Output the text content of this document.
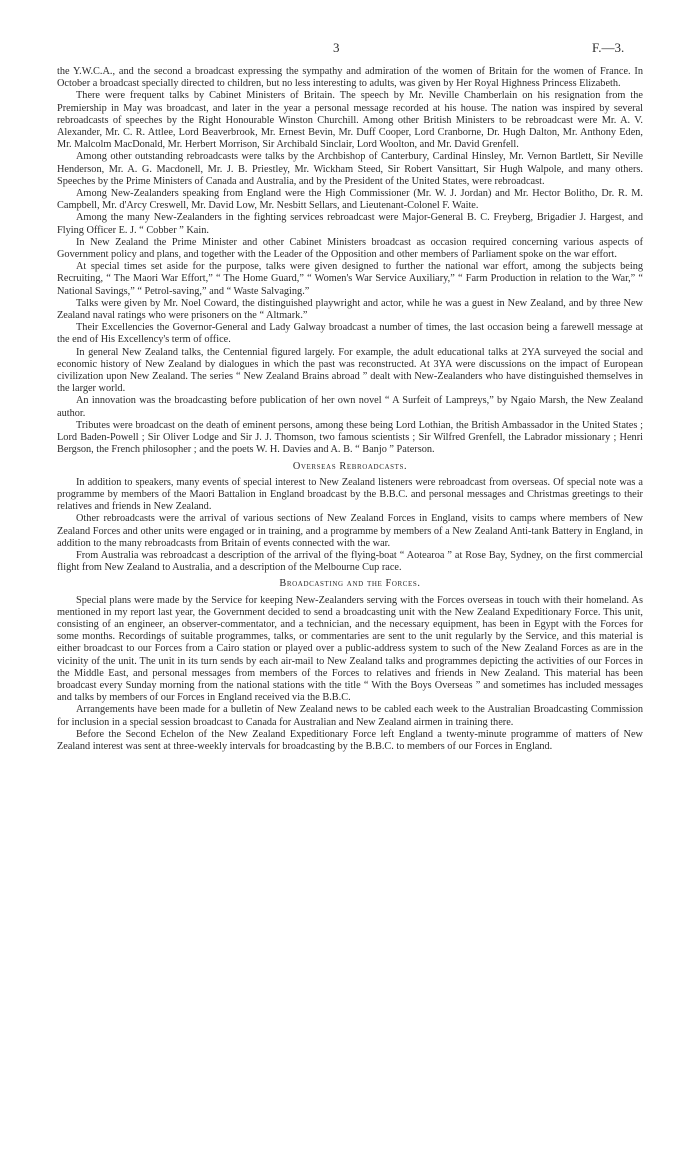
3	F.—3.

the Y.W.C.A., and the second a broadcast expressing the sympathy and admiration of the women of Britain for the women of France. In October a broadcast specially directed to children, but no less interesting to adults, was given by Her Royal Highness Princess Elizabeth.

There were frequent talks by Cabinet Ministers of Britain. The speech by Mr. Neville Chamberlain on his resignation from the Premiership in May was broadcast, and later in the year a personal message recorded at his house. The nation was inspired by several rebroadcasts of speeches by the Right Honourable Winston Churchill. Among other British Ministers to be rebroadcast were Mr. A. V. Alexander, Mr. C. R. Attlee, Lord Beaverbrook, Mr. Ernest Bevin, Mr. Duff Cooper, Lord Cranborne, Dr. Hugh Dalton, Mr. Anthony Eden, Mr. Malcolm MacDonald, Mr. Herbert Morrison, Sir Archibald Sinclair, Lord Woolton, and Mr. David Grenfell.

Among other outstanding rebroadcasts were talks by the Archbishop of Canterbury, Cardinal Hinsley, Mr. Vernon Bartlett, Sir Neville Henderson, Mr. A. G. Macdonell, Mr. J. B. Priestley, Mr. Wickham Steed, Sir Robert Vansittart, Sir Hugh Walpole, and many others. Speeches by the Prime Ministers of Canada and Australia, and by the President of the United States, were rebroadcast.

Among New-Zealanders speaking from England were the High Commissioner (Mr. W. J. Jordan) and Mr. Hector Bolitho, Dr. R. M. Campbell, Mr. d'Arcy Creswell, Mr. David Low, Mr. Nesbitt Sellars, and Lieutenant-Colonel F. Waite.

Among the many New-Zealanders in the fighting services rebroadcast were Major-General B. C. Freyberg, Brigadier J. Hargest, and Flying Officer E. J. “ Cobber ” Kain.

In New Zealand the Prime Minister and other Cabinet Ministers broadcast as occasion required concerning various aspects of Government policy and plans, and together with the Leader of the Opposition and other members of Parliament spoke on the war effort.

At special times set aside for the purpose, talks were given designed to further the national war effort, among the subjects being Recruiting, “ The Maori War Effort,” “ The Home Guard,” “ Women's War Service Auxiliary,” “ Farm Production in relation to the War,” “ National Savings,” “ Petrol-saving,” and “ Waste Salvaging.”

Talks were given by Mr. Noel Coward, the distinguished playwright and actor, while he was a guest in New Zealand, and by three New Zealand naval ratings who were prisoners on the “ Altmark.”

Their Excellencies the Governor-General and Lady Galway broadcast a number of times, the last occasion being a farewell message at the end of His Excellency's term of office.

In general New Zealand talks, the Centennial figured largely. For example, the adult educational talks at 2YA surveyed the social and economic history of New Zealand by dialogues in which the past was reconstructed. At 3YA were discussions on the impact of European civilization upon New Zealand. The series “ New Zealand Brains abroad ” dealt with New-Zealanders who have distinguished themselves in the larger world.

An innovation was the broadcasting before publication of her own novel “ A Surfeit of Lampreys,” by Ngaio Marsh, the New Zealand author.

Tributes were broadcast on the death of eminent persons, among these being Lord Lothian, the British Ambassador in the United States ; Lord Baden-Powell ; Sir Oliver Lodge and Sir J. J. Thomson, two famous scientists ; Sir Wilfred Grenfell, the Labrador missionary ; Henri Bergson, the French philosopher ; and the poets W. H. Davies and A. B. “ Banjo ” Paterson.

Overseas Rebroadcasts.

In addition to speakers, many events of special interest to New Zealand listeners were rebroadcast from overseas. Of special note was a programme by members of the Maori Battalion in England broadcast by the B.B.C. and personal messages and Christmas greetings to their relatives and friends in New Zealand.

Other rebroadcasts were the arrival of various sections of New Zealand Forces in England, visits to camps where members of New Zealand Forces and other units were engaged or in training, and a programme by members of a New Zealand Anti-tank Battery in England, in addition to the many rebroadcasts from Britain of events connected with the war.

From Australia was rebroadcast a description of the arrival of the flying-boat “ Aotearoa ” at Rose Bay, Sydney, on the first commercial flight from New Zealand to Australia, and a description of the Melbourne Cup race.

Broadcasting and the Forces.

Special plans were made by the Service for keeping New-Zealanders serving with the Forces overseas in touch with their homeland. As mentioned in my report last year, the Government decided to send a broadcasting unit with the New Zealand Expeditionary Force. This unit, consisting of an engineer, an observer-commentator, and a technician, and the necessary equipment, has been in Egypt with the Forces for some months. Recordings of suitable programmes, talks, or commentaries are sent to the unit regularly by the Service, and this material is either broadcast to our Forces from a Cairo station or played over a public-address system to such of the New Zealand Forces as are in the vicinity of the unit. The unit in its turn sends by each air-mail to New Zealand talks and programmes depicting the activities of our Forces in the Middle East, and personal messages from members of the Forces to relatives and friends in New Zealand. This material has been broadcast every Sunday morning from the national stations with the title “ With the Boys Overseas ” and sometimes has included messages and talks by members of our Forces in England received via the B.B.C.

Arrangements have been made for a bulletin of New Zealand news to be cabled each week to the Australian Broadcasting Commission for inclusion in a special session broadcast to Canada for Australian and New Zealand airmen in training there.

Before the Second Echelon of the New Zealand Expeditionary Force left England a twenty-minute programme of matters of New Zealand interest was sent at three-weekly intervals for broadcasting by the B.B.C. to members of our Forces in England.
